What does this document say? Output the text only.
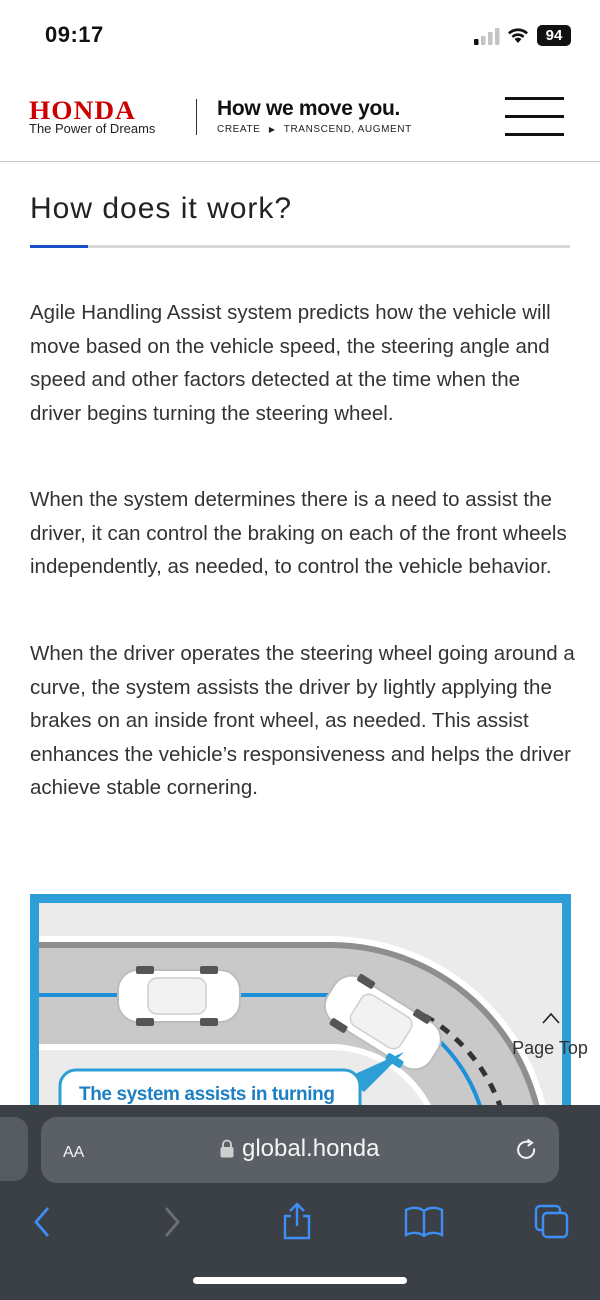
09:17	94
HONDA
The Power of Dreams
How we move you.
CREATE ▶ TRANSCEND, AUGMENT
How does it work?

Agile Handling Assist system predicts how the vehicle will move based on the vehicle speed, the steering angle and speed and other factors detected at the time when the driver begins turning the steering wheel.

When the system determines there is a need to assist the driver, it can control the braking on each of the front wheels independently, as needed, to control the vehicle behavior.

When the driver operates the steering wheel going around a curve, the system assists the driver by lightly applying the brakes on an inside front wheel, as needed. This assist enhances the vehicle’s responsiveness and helps the driver achieve stable cornering.

The system assists in turning
Page Top
AA	global.honda
